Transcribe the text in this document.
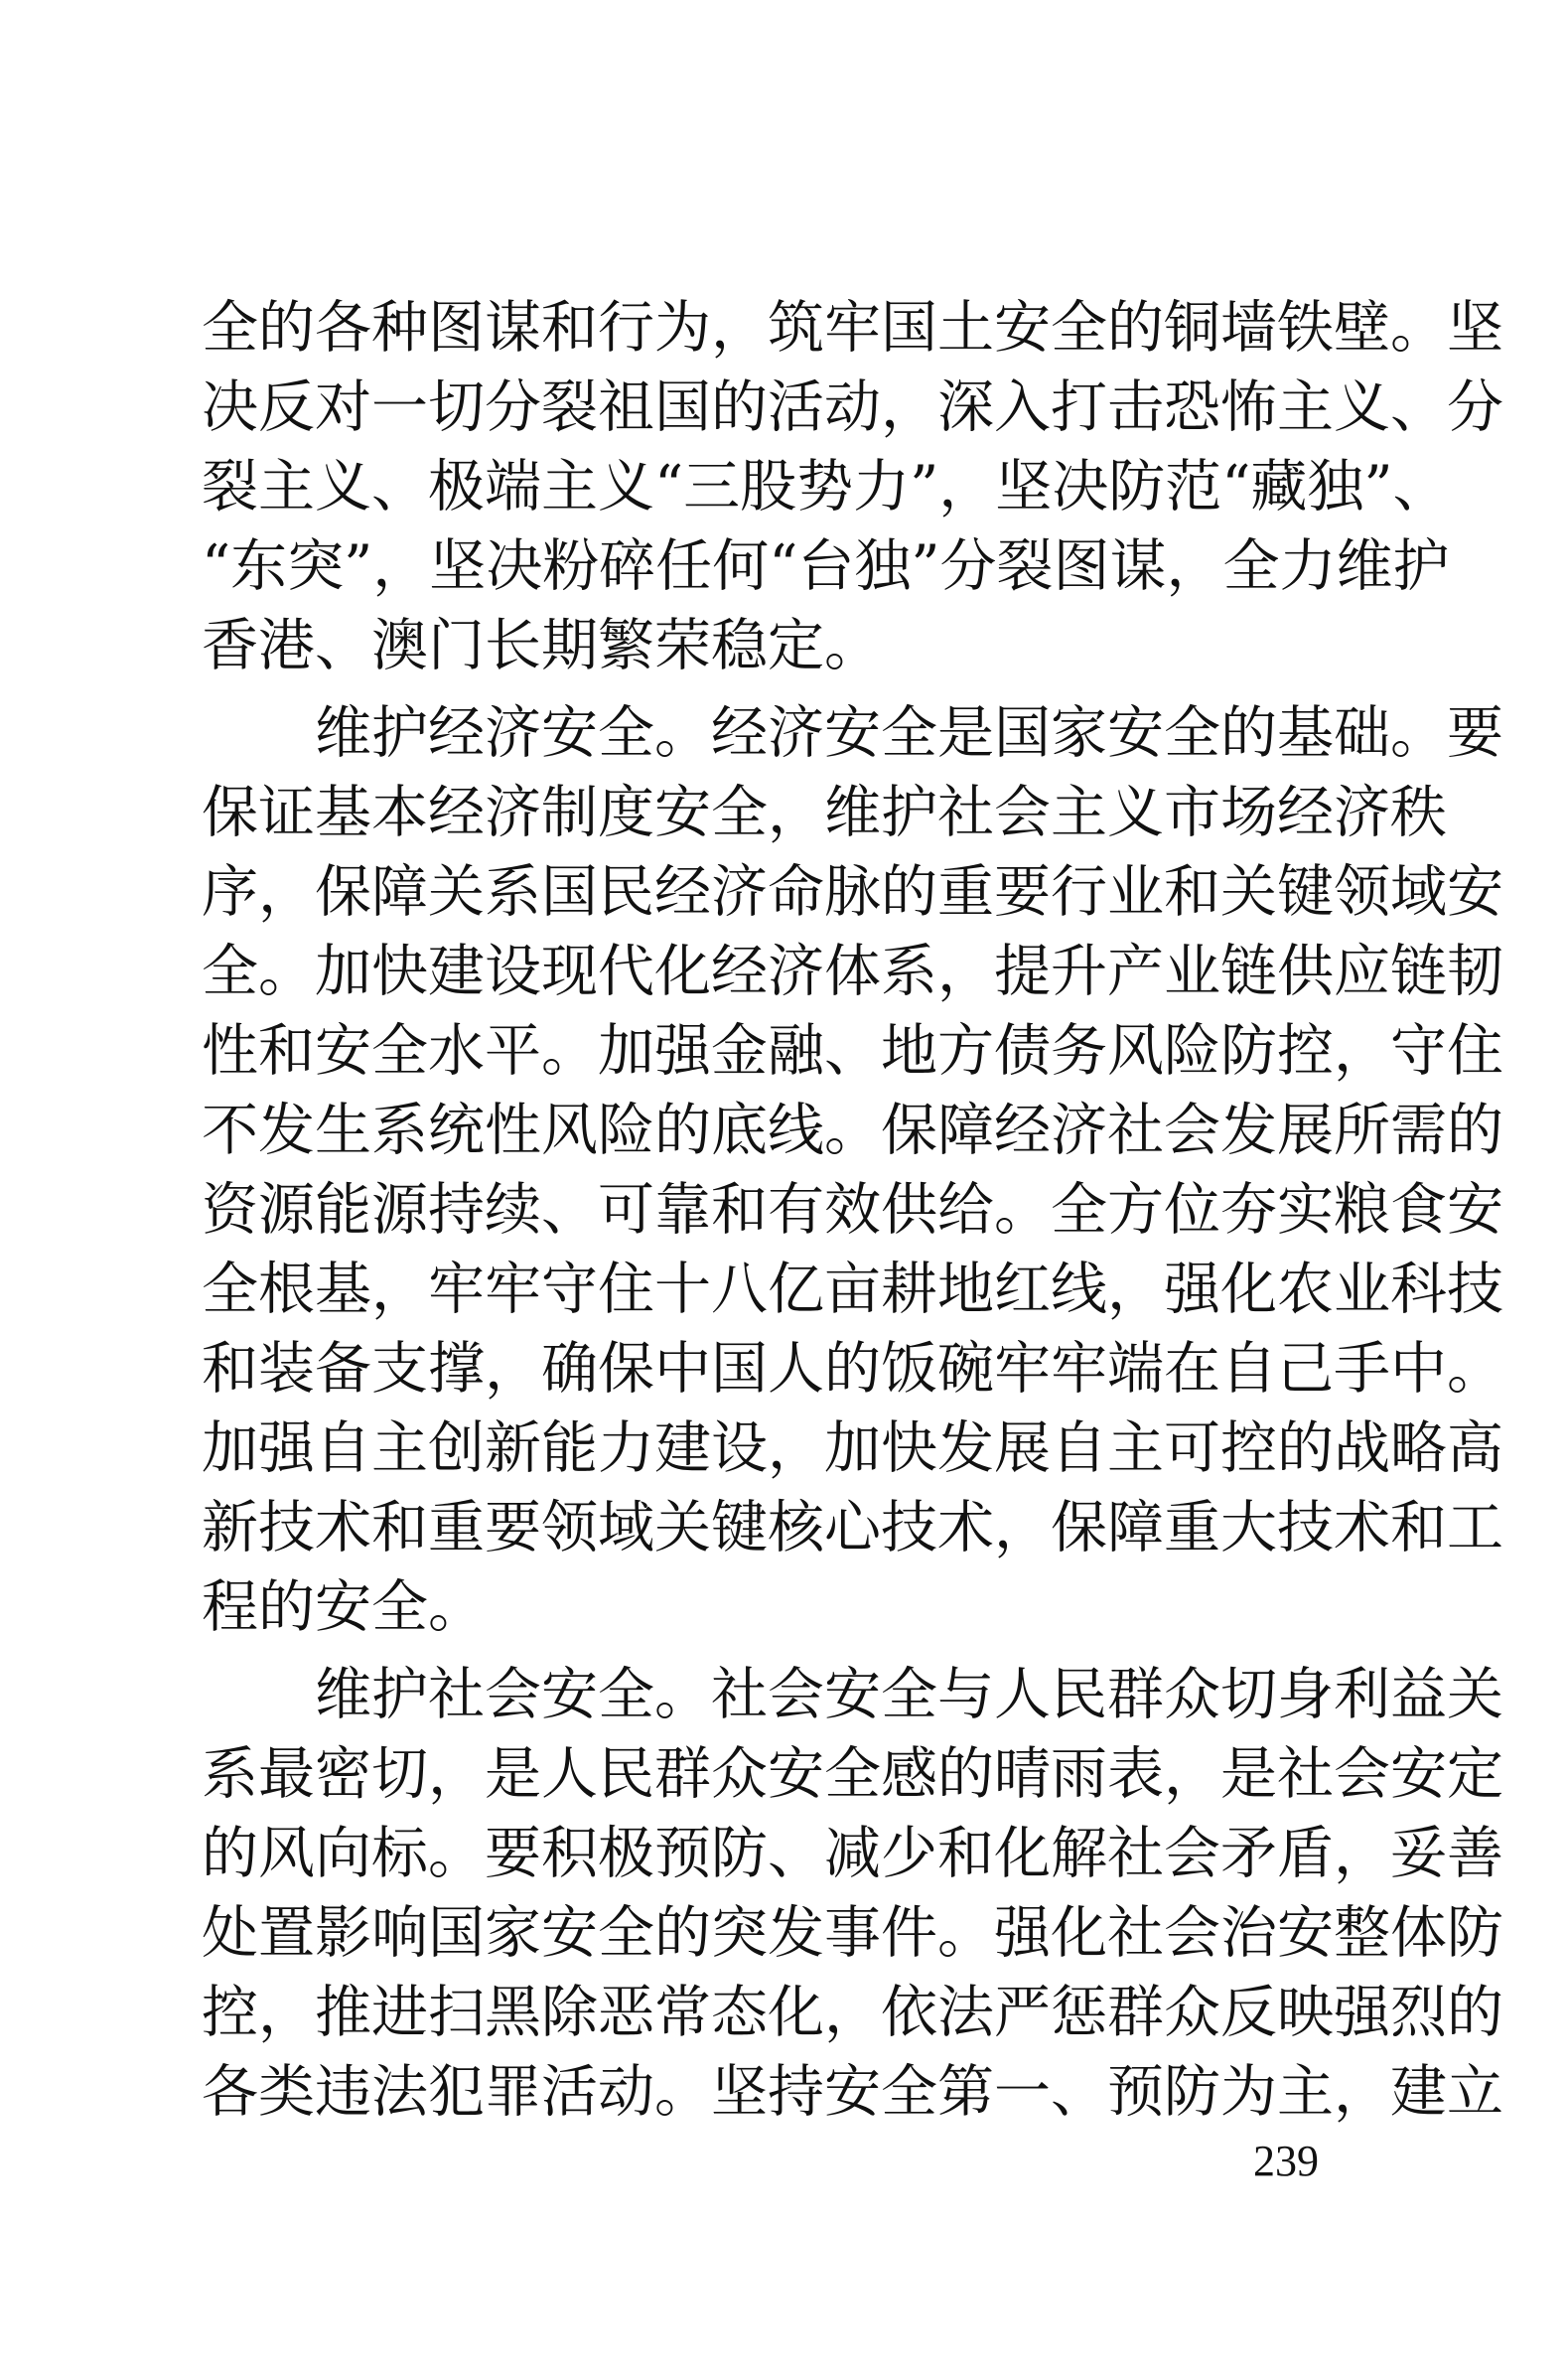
全的各种图谋和行为，筑牢国土安全的铜墙铁壁。坚
决反对一切分裂祖国的活动，深入打击恐怖主义、分
裂主义、极端主义“三股势力”，坚决防范“藏独”、
“东突”，坚决粉碎任何“台独”分裂图谋，全力维护
香港、澳门长期繁荣稳定。
　　维护经济安全。经济安全是国家安全的基础。要
保证基本经济制度安全，维护社会主义市场经济秩
序，保障关系国民经济命脉的重要行业和关键领域安
全。加快建设现代化经济体系，提升产业链供应链韧
性和安全水平。加强金融、地方债务风险防控，守住
不发生系统性风险的底线。保障经济社会发展所需的
资源能源持续、可靠和有效供给。全方位夯实粮食安
全根基，牢牢守住十八亿亩耕地红线，强化农业科技
和装备支撑，确保中国人的饭碗牢牢端在自己手中。
加强自主创新能力建设，加快发展自主可控的战略高
新技术和重要领域关键核心技术，保障重大技术和工
程的安全。
　　维护社会安全。社会安全与人民群众切身利益关
系最密切，是人民群众安全感的晴雨表，是社会安定
的风向标。要积极预防、减少和化解社会矛盾，妥善
处置影响国家安全的突发事件。强化社会治安整体防
控，推进扫黑除恶常态化，依法严惩群众反映强烈的
各类违法犯罪活动。坚持安全第一、预防为主，建立
239
